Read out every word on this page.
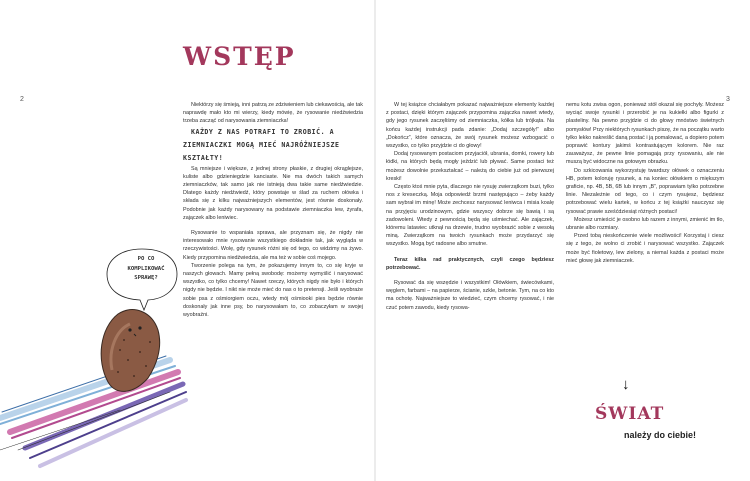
2	3
WSTĘP
PO CO
KOMPLIKOWAĆ
SPRAWĘ?

Niektórzy się śmieją, inni patrzą ze zdziwieniem lub ciekawością, ale tak naprawdę mało kto mi wierzy, kiedy mówię, że rysowanie niedźwiedzia trzeba zacząć od narysowania ziemniaczka!

KAŻDY Z NAS POTRAFI TO ZROBIĆ. A ZIEMNIACZKI MOGĄ MIEĆ NAJRÓŻNIEJSZE KSZTAŁTY!

Są mniejsze i większe, z jednej strony płaskie, z drugiej okrąglejsze, kuliste albo gdzieniegdzie kanciaste. Nie ma dwóch takich samych ziemniaczków, tak samo jak nie istnieją dwa takie same niedźwiedzie. Dlatego każdy niedźwiedź, który powstaje w ślad za ruchem ołówka i składa się z kilku najważniejszych elementów, jest równie doskonały. Podobnie jak każdy narysowany na podstawie ziemniaczka lew, żyrafa, zajączek albo leniwiec.

Rysowanie to wspaniała sprawa, ale przyznam się, że nigdy nie interesowało mnie rysowanie wszystkiego dokładnie tak, jak wygląda w rzeczywistości. Wolę, gdy rysunek różni się od tego, co widzimy na żywo. Kiedy przypomina niedźwiedzia, ale ma też w sobie coś mojego.

Tworzenie polega na tym, że pokazujemy innym to, co się kryje w naszych głowach. Mamy pełną swobodę: możemy wymyślić i narysować wszystko, co tylko chcemy! Nawet rzeczy, których nigdy nie było i których nigdy nie będzie. I nikt nie może mieć do nas o to pretensji. Jeśli wyobraże sobie psa z ośmiorgiem oczu, wtedy mój ośmiooki pies będzie równie doskonały jak inne psy, bo narysowałam to, co zobaczyłam w swojej wyobraźni.

W tej książce chciałabym pokazać najważniejsze elementy każdej z postaci, dzięki którym zajączek przypomina zajączka nawet wtedy, gdy jego rysunek zaczęliśmy od ziemniaczka, kółka lub trójkąta. Na końcu każdej instrukcji pada zdanie: „Dodaj szczegóły!” albo „Dokończ”, które oznacza, że swój rysunek możesz wzbogacić o wszystko, co tylko przyjdzie ci do głowy!

Dodaj rysowanym postaciom przyjaciół, ubrania, domki, rowery lub łódki, na których będą mogły jeździć lub pływać. Same postaci też możesz dowolnie przekształcać – należą do ciebie już od pierwszej kreski!

Często ktoś mnie pyta, dlaczego nie rysuję zwierzątkom buzi, tylko nos z kreseczką. Moja odpowiedź brzmi następująco – żeby każdy sam wybrał im minę! Może zechcesz narysować leniwca i misia koalę na przyjęciu urodzinowym, gdzie wszyscy dobrze się bawią i są zadowoleni. Wtedy z pewnością będą się uśmiechać. Ale zajączek, któremu latawiec utknął na drzewie, trudno wyobrazić sobie z wesołą miną. Zwierzątkom na twoich rysunkach może przydarzyć się wszystko. Mogą być radosne albo smutne.

Teraz kilka rad praktycznych, czyli czego będziesz potrzebować.

Rysować da się wszędzie i wszystkim! Ołówkiem, świecówkami, węglem, farbami – na papierze, ścianie, szkle, betonie. Tym, na co kto ma ochotę. Najważniejsze to wiedzieć, czym chcemy rysować, i nie czuć potem zawodu, kiedy rysowa-

nemu kotu zwisa ogon, ponieważ stół okazał się pochyły. Możesz wyciąć swoje rysunki i przerobić je na kukiełki albo figurki z plasteliny. Na pewno przyjdzie ci do głowy mnóstwo świetnych pomysłów! Przy niektórych rysunkach piszę, że na początku warto tylko lekko nakreślić daną postać i ją pomalować, a dopiero potem poprawić kontury jakimś kontrastującym kolorem. Nie raz zauważysz, że pewne linie pomagają przy rysowaniu, ale nie muszą być widoczne na gotowym obrazku.

Do szkicowania wykorzystuję twardszy ołówek o oznaczeniu HB, potem koloruję rysunek, a na koniec ołówkiem o miększym graficie, np. 4B, 5B, 6B lub innym „B”, poprawiam tylko potrzebne linie. Niezależnie od tego, co i czym rysujesz, będziesz potrzebować wielu kartek, w końcu z tej książki nauczysz się rysować prawie sześćdziesiąt różnych postaci!

Możesz umieścić je osobno lub razem z innymi, zmienić im tło, ubranie albo rozmiary.

Przed tobą nieskończenie wiele możliwości! Korzystaj i ciesz się z tego, że wolno ci zrobić i narysować wszystko. Zajączek może być fioletowy, lew zielony, a niemal każda z postaci może mieć głowę jak ziemniaczek.

↓
ŚWIAT
należy do ciebie!
